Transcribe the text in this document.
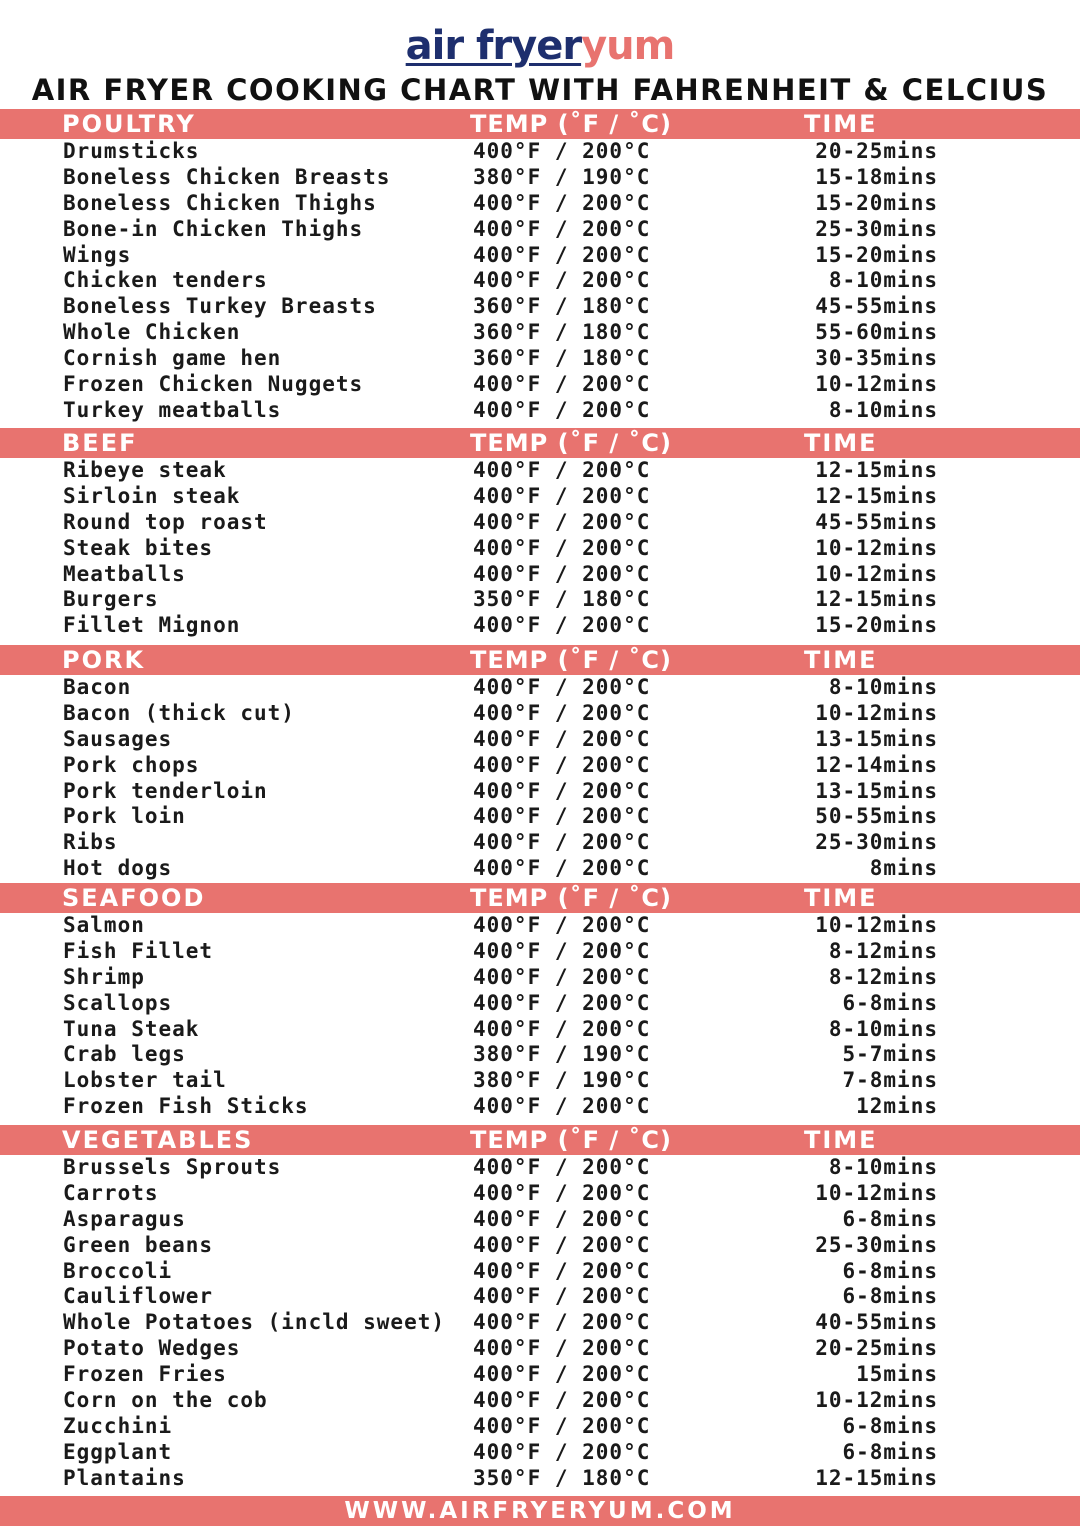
air fryeryum
AIR FRYER COOKING CHART WITH FAHRENHEIT & CELCIUS
POULTRY	TEMP (˚F / ˚C)	TIME
Drumsticks	400°F / 200°C	20-25mins
Boneless Chicken Breasts	380°F / 190°C	15-18mins
Boneless Chicken Thighs	400°F / 200°C	15-20mins
Bone-in Chicken Thighs	400°F / 200°C	25-30mins
Wings	400°F / 200°C	15-20mins
Chicken tenders	400°F / 200°C	8-10mins
Boneless Turkey Breasts	360°F / 180°C	45-55mins
Whole Chicken	360°F / 180°C	55-60mins
Cornish game hen	360°F / 180°C	30-35mins
Frozen Chicken Nuggets	400°F / 200°C	10-12mins
Turkey meatballs	400°F / 200°C	8-10mins
BEEF	TEMP (˚F / ˚C)	TIME
Ribeye steak	400°F / 200°C	12-15mins
Sirloin steak	400°F / 200°C	12-15mins
Round top roast	400°F / 200°C	45-55mins
Steak bites	400°F / 200°C	10-12mins
Meatballs	400°F / 200°C	10-12mins
Burgers	350°F / 180°C	12-15mins
Fillet Mignon	400°F / 200°C	15-20mins
PORK	TEMP (˚F / ˚C)	TIME
Bacon	400°F / 200°C	8-10mins
Bacon (thick cut)	400°F / 200°C	10-12mins
Sausages	400°F / 200°C	13-15mins
Pork chops	400°F / 200°C	12-14mins
Pork tenderloin	400°F / 200°C	13-15mins
Pork loin	400°F / 200°C	50-55mins
Ribs	400°F / 200°C	25-30mins
Hot dogs	400°F / 200°C	8mins
SEAFOOD	TEMP (˚F / ˚C)	TIME
Salmon	400°F / 200°C	10-12mins
Fish Fillet	400°F / 200°C	8-12mins
Shrimp	400°F / 200°C	8-12mins
Scallops	400°F / 200°C	6-8mins
Tuna Steak	400°F / 200°C	8-10mins
Crab legs	380°F / 190°C	5-7mins
Lobster tail	380°F / 190°C	7-8mins
Frozen Fish Sticks	400°F / 200°C	12mins
VEGETABLES	TEMP (˚F / ˚C)	TIME
Brussels Sprouts	400°F / 200°C	8-10mins
Carrots	400°F / 200°C	10-12mins
Asparagus	400°F / 200°C	6-8mins
Green beans	400°F / 200°C	25-30mins
Broccoli	400°F / 200°C	6-8mins
Cauliflower	400°F / 200°C	6-8mins
Whole Potatoes (incld sweet) 400°F / 200°C	40-55mins
Potato Wedges	400°F / 200°C	20-25mins
Frozen Fries	400°F / 200°C	15mins
Corn on the cob	400°F / 200°C	10-12mins
Zucchini	400°F / 200°C	6-8mins
Eggplant	400°F / 200°C	6-8mins
Plantains	350°F / 180°C	12-15mins
WWW.AIRFRYERYUM.COM
